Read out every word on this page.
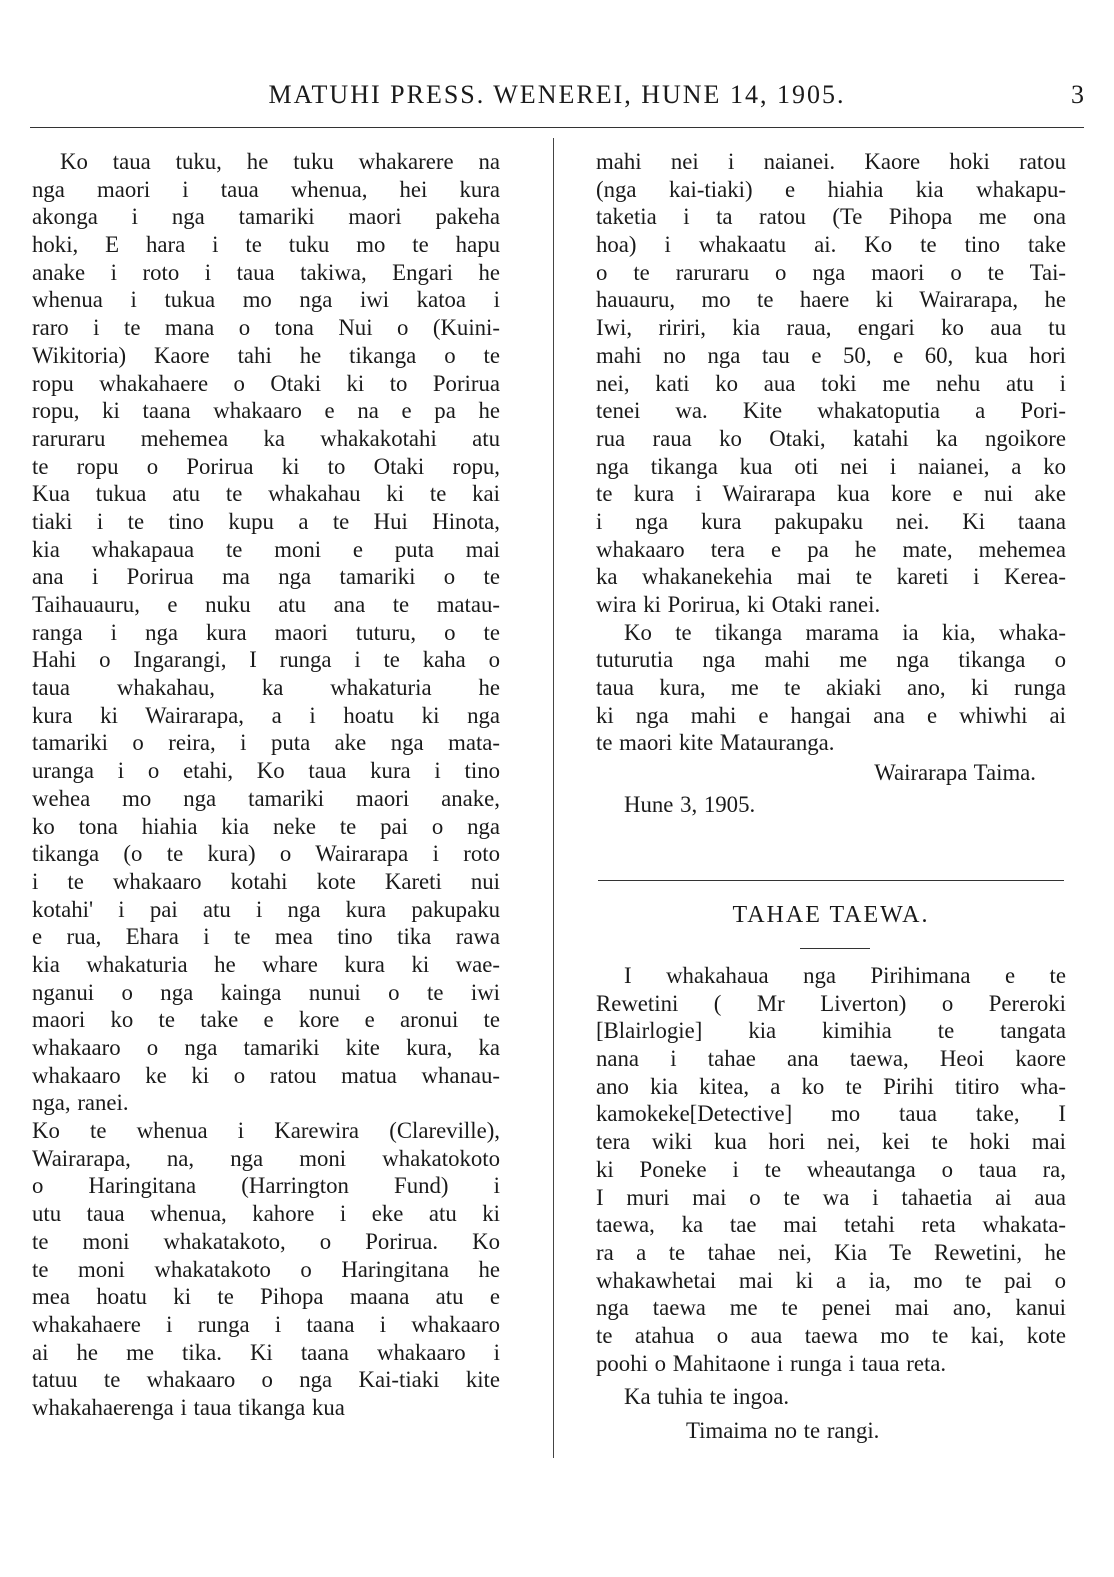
MATUHI PRESS. WENEREI, HUNE 14, 1905.	3
Ko taua tuku, he tuku whakarere na
nga maori i taua whenua, hei kura
akonga i nga tamariki maori pakeha
hoki, E hara i te tuku mo te hapu
anake i roto i taua takiwa, Engari he
whenua i tukua mo nga iwi katoa i
raro i te mana o tona Nui o (Kuini-
Wikitoria) Kaore tahi he tikanga o te
ropu whakahaere o Otaki ki to Porirua
ropu, ki taana whakaaro e na e pa he
raruraru mehemea ka whakakotahi atu
te ropu o Porirua ki to Otaki ropu,
Kua tukua atu te whakahau ki te kai
tiaki i te tino kupu a te Hui Hinota,
kia whakapaua te moni e puta mai
ana i Porirua ma nga tamariki o te
Taihauauru, e nuku atu ana te matau-
ranga i nga kura maori tuturu, o te
Hahi o Ingarangi, I runga i te kaha o
taua whakahau, ka whakaturia he
kura ki Wairarapa, a i hoatu ki nga
tamariki o reira, i puta ake nga mata-
uranga i o etahi, Ko taua kura i tino
wehea mo nga tamariki maori anake,
ko tona hiahia kia neke te pai o nga
tikanga (o te kura) o Wairarapa i roto
i te whakaaro kotahi kote Kareti nui
kotahi' i pai atu i nga kura pakupaku
e rua, Ehara i te mea tino tika rawa
kia whakaturia he whare kura ki wae-
nganui o nga kainga nunui o te iwi
maori ko te take e kore e aronui te
whakaaro o nga tamariki kite kura, ka
whakaaro ke ki o ratou matua whanau-
nga, ranei.
Ko te whenua i Karewira (Clareville),
Wairarapa, na, nga moni whakatokoto
o Haringitana (Harrington Fund) i
utu taua whenua, kahore i eke atu ki
te moni whakatakoto, o Porirua. Ko
te moni whakatakoto o Haringitana he
mea hoatu ki te Pihopa maana atu e
whakahaere i runga i taana i whakaaro
ai he me tika. Ki taana whakaaro i
tatuu te whakaaro o nga Kai-tiaki kite
whakahaerenga i taua tikanga kua
mahi nei i naianei. Kaore hoki ratou
(nga kai-tiaki) e hiahia kia whakapu-
taketia i ta ratou (Te Pihopa me ona
hoa) i whakaatu ai. Ko te tino take
o te raruraru o nga maori o te Tai-
hauauru, mo te haere ki Wairarapa, he
Iwi, ririri, kia raua, engari ko aua tu
mahi no nga tau e 50, e 60, kua hori
nei, kati ko aua toki me nehu atu i
tenei wa. Kite whakatoputia a Pori-
rua raua ko Otaki, katahi ka ngoikore
nga tikanga kua oti nei i naianei, a ko
te kura i Wairarapa kua kore e nui ake
i nga kura pakupaku nei. Ki taana
whakaaro tera e pa he mate, mehemea
ka whakanekehia mai te kareti i Kerea-
wira ki Porirua, ki Otaki ranei.
Ko te tikanga marama ia kia, whaka-
tuturutia nga mahi me nga tikanga o
taua kura, me te akiaki ano, ki runga
ki nga mahi e hangai ana e whiwhi ai
te maori kite Matauranga.
Wairarapa Taima.
Hune 3, 1905.
TAHAE TAEWA.
I whakahaua nga Pirihimana e te
Rewetini ( Mr Liverton) o Pereroki
[Blairlogie] kia kimihia te tangata
nana i tahae ana taewa, Heoi kaore
ano kia kitea, a ko te Pirihi titiro wha-
kamokeke[Detective] mo taua take, I
tera wiki kua hori nei, kei te hoki mai
ki Poneke i te wheautanga o taua ra,
I muri mai o te wa i tahaetia ai aua
taewa, ka tae mai tetahi reta whakata-
ra a te tahae nei, Kia Te Rewetini, he
whakawhetai mai ki a ia, mo te pai o
nga taewa me te penei mai ano, kanui
te atahua o aua taewa mo te kai, kote
poohi o Mahitaone i runga i taua reta.
Ka tuhia te ingoa.
Timaima no te rangi.
